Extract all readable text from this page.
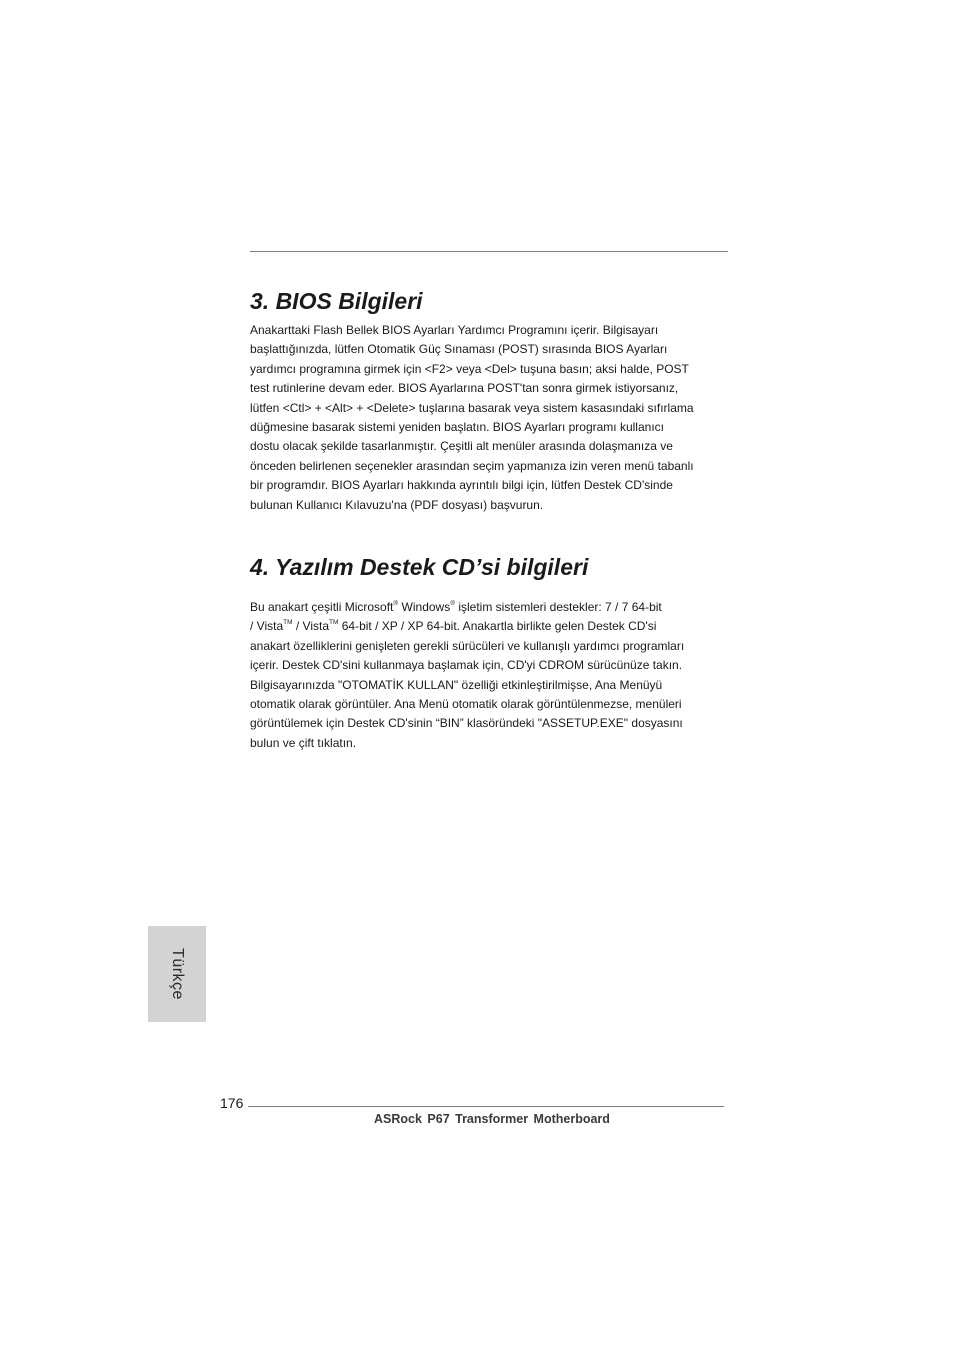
3. BIOS Bilgileri

Anakarttaki Flash Bellek BIOS Ayarları Yardımcı Programını içerir. Bilgisayarı
başlattığınızda, lütfen Otomatik Güç Sınaması (POST) sırasında BIOS Ayarları
yardımcı programına girmek için <F2> veya <Del> tuşuna basın; aksi halde, POST
test rutinlerine devam eder. BIOS Ayarlarına POST'tan sonra girmek istiyorsanız,
lütfen <Ctl> + <Alt> + <Delete> tuşlarına basarak veya sistem kasasındaki sıfırlama
düğmesine basarak sistemi yeniden başlatın. BIOS Ayarları programı kullanıcı
dostu olacak şekilde tasarlanmıştır. Çeşitli alt menüler arasında dolaşmanıza ve
önceden belirlenen seçenekler arasından seçim yapmanıza izin veren menü tabanlı
bir programdır. BIOS Ayarları hakkında ayrıntılı bilgi için, lütfen Destek CD'sinde
bulunan Kullanıcı Kılavuzu'na (PDF dosyası) başvurun.

4. Yazılım Destek CD’si bilgileri

Bu anakart çeşitli Microsoft® Windows® işletim sistemleri destekler: 7 / 7 64-bit
/ Vista™ / Vista™ 64-bit / XP / XP 64-bit. Anakartla birlikte gelen Destek CD'si
anakart özelliklerini genişleten gerekli sürücüleri ve kullanışlı yardımcı programları
içerir. Destek CD'sini kullanmaya başlamak için, CD'yi CDROM sürücünüze takın.
Bilgisayarınızda "OTOMATİK KULLAN" özelliği etkinleştirilmişse, Ana Menüyü
otomatik olarak görüntüler. Ana Menü otomatik olarak görüntülenmezse, menüleri
görüntülemek için Destek CD'sinin “BIN” klasöründeki "ASSETUP.EXE" dosyasını
bulun ve çift tıklatın.

Türkçe
176
ASRock P67 Transformer Motherboard
